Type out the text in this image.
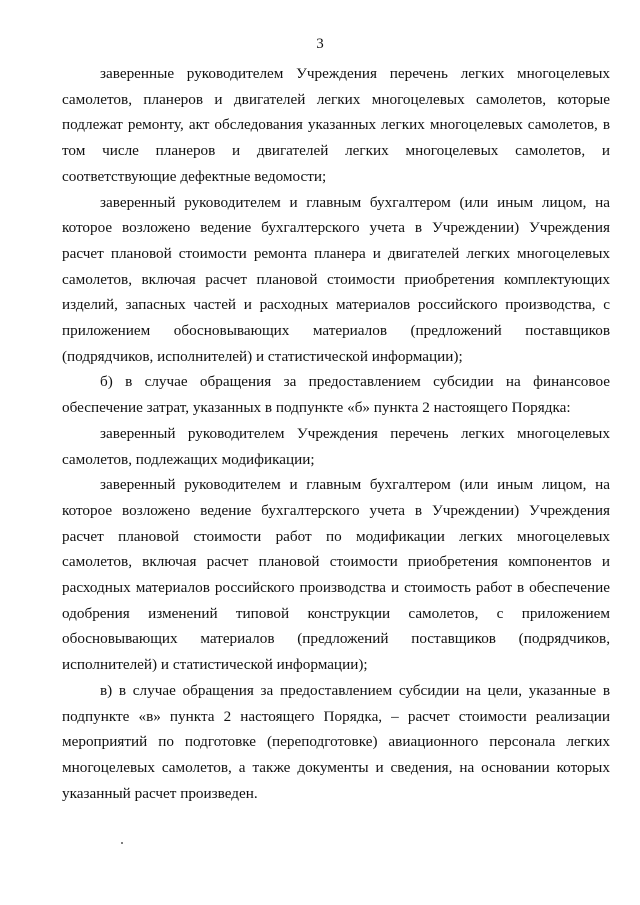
3

заверенные руководителем Учреждения перечень легких многоцелевых самолетов, планеров и двигателей легких многоцелевых самолетов, которые подлежат ремонту, акт обследования указанных легких многоцелевых самолетов, в том числе планеров и двигателей легких многоцелевых самолетов, и соответствующие дефектные ведомости;

заверенный руководителем и главным бухгалтером (или иным лицом, на которое возложено ведение бухгалтерского учета в Учреждении) Учреждения расчет плановой стоимости ремонта планера и двигателей легких многоцелевых самолетов, включая расчет плановой стоимости приобретения комплектующих изделий, запасных частей и расходных материалов российского производства, с приложением обосновывающих материалов (предложений поставщиков (подрядчиков, исполнителей) и статистической информации);

б) в случае обращения за предоставлением субсидии на финансовое обеспечение затрат, указанных в подпункте «б» пункта 2 настоящего Порядка:

заверенный руководителем Учреждения перечень легких многоцелевых самолетов, подлежащих модификации;

заверенный руководителем и главным бухгалтером (или иным лицом, на которое возложено ведение бухгалтерского учета в Учреждении) Учреждения расчет плановой стоимости работ по модификации легких многоцелевых самолетов, включая расчет плановой стоимости приобретения компонентов и расходных материалов российского производства и стоимость работ в обеспечение одобрения изменений типовой конструкции самолетов, с приложением обосновывающих материалов (предложений поставщиков (подрядчиков, исполнителей) и статистической информации);

в) в случае обращения за предоставлением субсидии на цели, указанные в подпункте «в» пункта 2 настоящего Порядка, – расчет стоимости реализации мероприятий по подготовке (переподготовке) авиационного персонала легких многоцелевых самолетов, а также документы и сведения, на основании которых указанный расчет произведен.
